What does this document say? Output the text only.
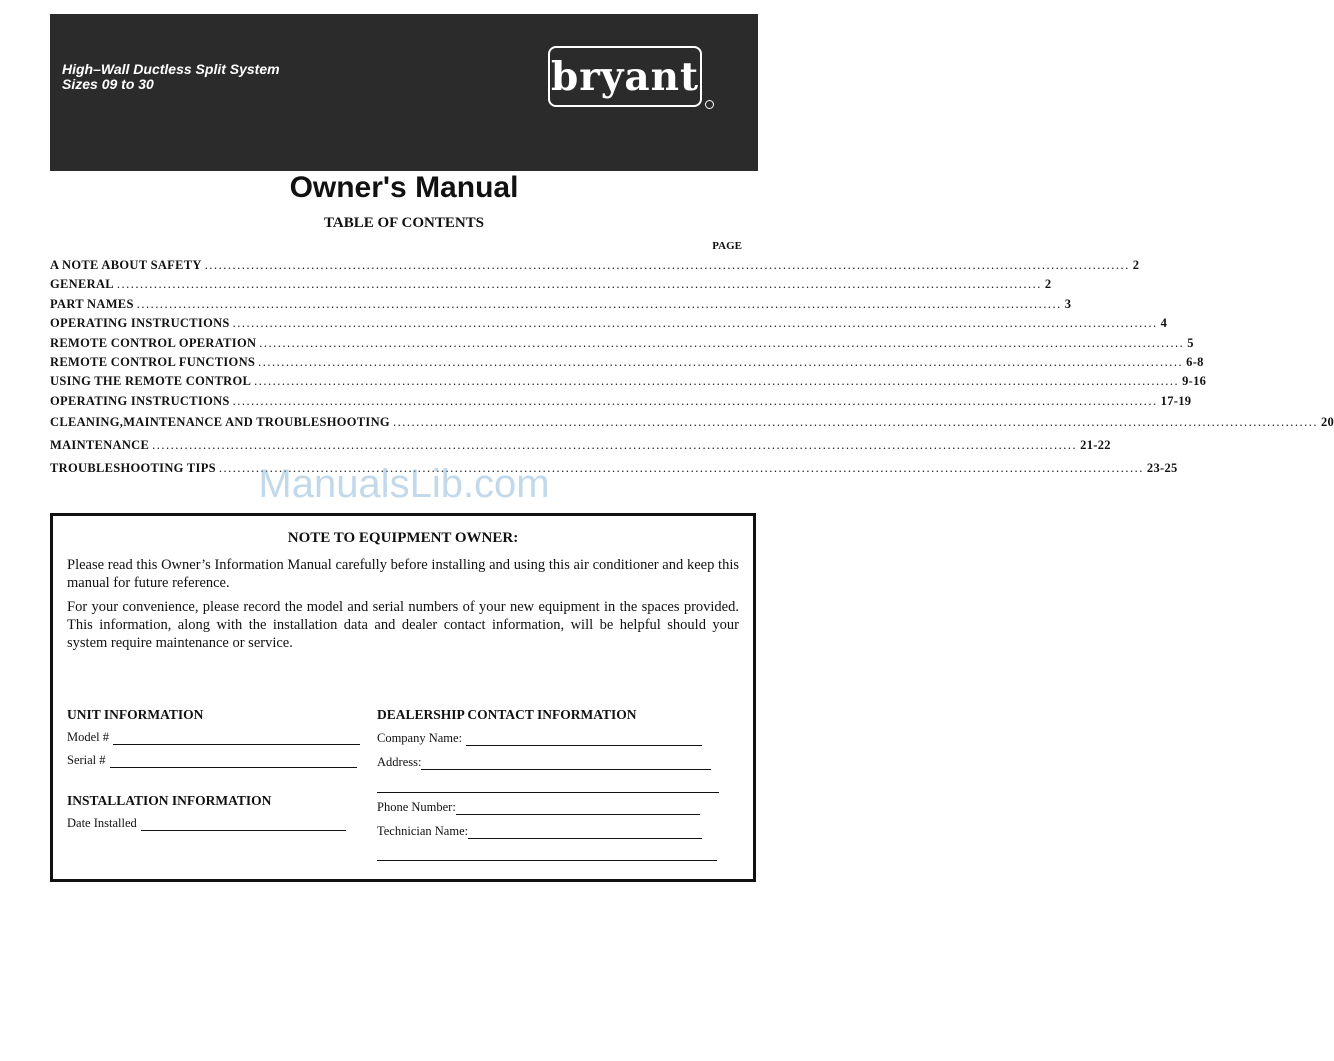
High–Wall Ductless Split System
Sizes 09 to 30	bryant
Owner's Manual
TABLE OF CONTENTS
PAGE
A NOTE ABOUT SAFETY ........................................................................................................................................................................................................ 2
GENERAL ........................................................................................................................................................................................................ 2
PART NAMES ........................................................................................................................................................................................................ 3
OPERATING INSTRUCTIONS ........................................................................................................................................................................................................ 4
REMOTE CONTROL OPERATION ........................................................................................................................................................................................................ 5
REMOTE CONTROL FUNCTIONS ........................................................................................................................................................................................................ 6-8
USING THE REMOTE CONTROL ........................................................................................................................................................................................................ 9-16
OPERATING INSTRUCTIONS ........................................................................................................................................................................................................ 17-19
CLEANING,MAINTENANCE AND TROUBLESHOOTING ........................................................................................................................................................................................................ 20
MAINTENANCE ........................................................................................................................................................................................................ 21-22
TROUBLESHOOTING TIPS ........................................................................................................................................................................................................ 23-25
ManualsLib.com
NOTE TO EQUIPMENT OWNER:
Please read this Owner’s Information Manual carefully before installing and using this air conditioner and keep this manual for future reference.
For your convenience, please record the model and serial numbers of your new equipment in the spaces provided. This information, along with the installation data and dealer contact information, will be helpful should your system require maintenance or service.
UNIT INFORMATION
Model #
Serial #
INSTALLATION INFORMATION
Date Installed
DEALERSHIP CONTACT INFORMATION
Company Name:
Address:
Phone Number:
Technician Name:
